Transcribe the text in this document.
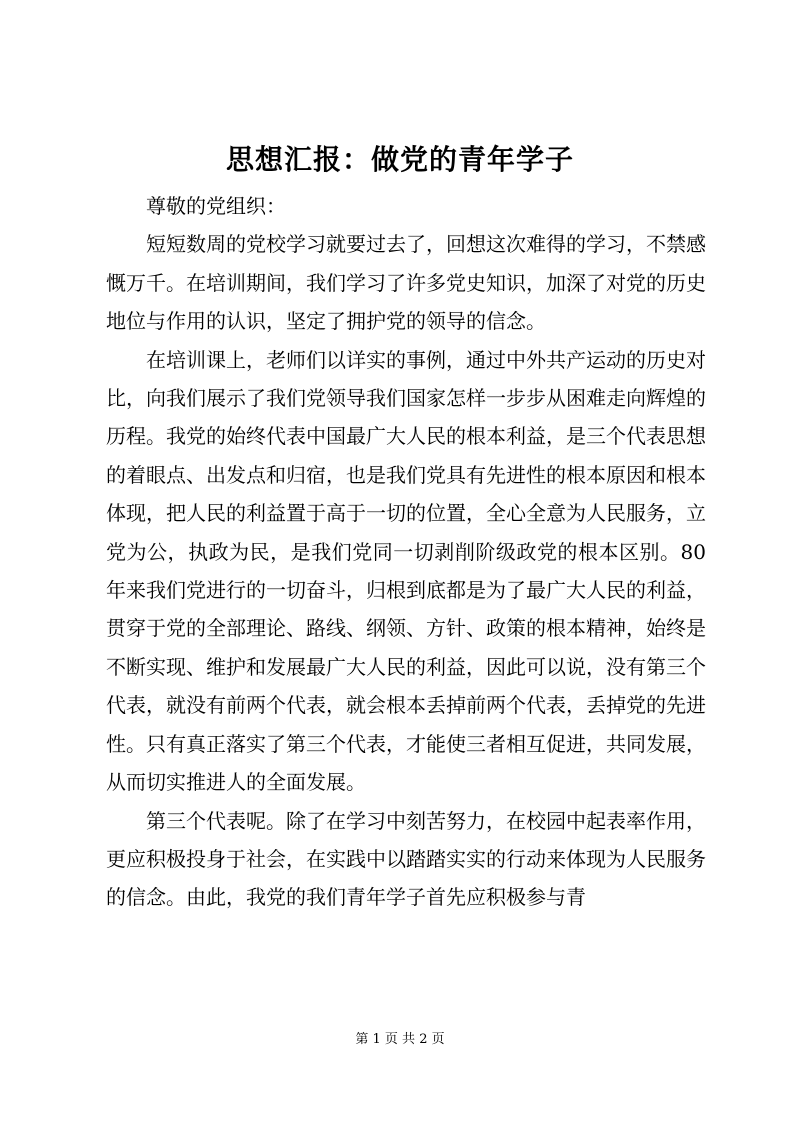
思想汇报：做党的青年学子

尊敬的党组织：

短短数周的党校学习就要过去了，回想这次难得的学习，不禁感慨万千。在培训期间，我们学习了许多党史知识，加深了对党的历史地位与作用的认识，坚定了拥护党的领导的信念。

在培训课上，老师们以详实的事例，通过中外共产运动的历史对比，向我们展示了我们党领导我们国家怎样一步步从困难走向辉煌的历程。我党的始终代表中国最广大人民的根本利益，是三个代表思想的着眼点、出发点和归宿，也是我们党具有先进性的根本原因和根本体现，把人民的利益置于高于一切的位置，全心全意为人民服务，立党为公，执政为民，是我们党同一切剥削阶级政党的根本区别。80年来我们党进行的一切奋斗，归根到底都是为了最广大人民的利益，贯穿于党的全部理论、路线、纲领、方针、政策的根本精神，始终是不断实现、维护和发展最广大人民的利益，因此可以说，没有第三个代表，就没有前两个代表，就会根本丢掉前两个代表，丢掉党的先进性。只有真正落实了第三个代表，才能使三者相互促进，共同发展，从而切实推进人的全面发展。

第三个代表呢。除了在学习中刻苦努力，在校园中起表率作用，更应积极投身于社会，在实践中以踏踏实实的行动来体现为人民服务的信念。由此，我党的我们青年学子首先应积极参与青

第 1 页 共 2 页
